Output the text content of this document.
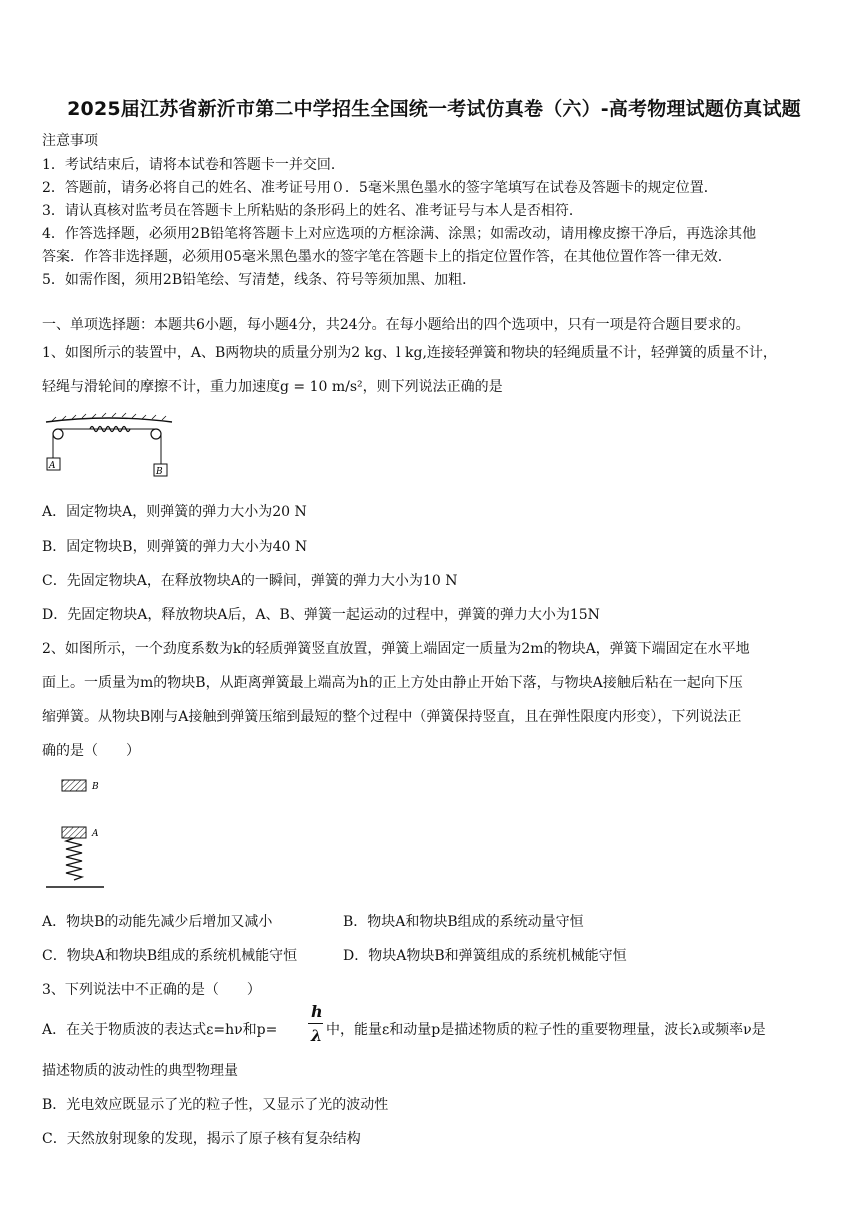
2025届江苏省新沂市第二中学招生全国统一考试仿真卷（六）-高考物理试题仿真试题
注意事项
1．考试结束后，请将本试卷和答题卡一并交回．
2．答题前，请务必将自己的姓名、准考证号用０．5毫米黑色墨水的签字笔填写在试卷及答题卡的规定位置．
3．请认真核对监考员在答题卡上所粘贴的条形码上的姓名、准考证号与本人是否相符．
4．作答选择题，必须用2B铅笔将答题卡上对应选项的方框涂满、涂黑；如需改动，请用橡皮擦干净后，再选涂其他
答案．作答非选择题，必须用05毫米黑色墨水的签字笔在答题卡上的指定位置作答，在其他位置作答一律无效．
5．如需作图，须用2B铅笔绘、写清楚，线条、符号等须加黑、加粗．
一、单项选择题：本题共6小题，每小题4分，共24分。在每小题给出的四个选项中，只有一项是符合题目要求的。
1、如图所示的装置中，A、B两物块的质量分别为2 kg、l kg,连接轻弹簧和物块的轻绳质量不计，轻弹簧的质量不计，
轻绳与滑轮间的摩擦不计，重力加速度g = 10 m/s²，则下列说法正确的是
A
B
A．固定物块A，则弹簧的弹力大小为20 N
B．固定物块B，则弹簧的弹力大小为40 N
C．先固定物块A，在释放物块A的一瞬间，弹簧的弹力大小为10 N
D．先固定物块A，释放物块A后，A、B、弹簧一起运动的过程中，弹簧的弹力大小为15N
2、如图所示，一个劲度系数为k的轻质弹簧竖直放置，弹簧上端固定一质量为2m的物块A，弹簧下端固定在水平地
面上。一质量为m的物块B，从距离弹簧最上端高为h的正上方处由静止开始下落，与物块A接触后粘在一起向下压
缩弹簧。从物块B刚与A接触到弹簧压缩到最短的整个过程中（弹簧保持竖直，且在弹性限度内形变），下列说法正
确的是（　　）
B
A
A．物块B的动能先减少后增加又减小	B．物块A和物块B组成的系统动量守恒
C．物块A和物块B组成的系统机械能守恒	D．物块A物块B和弹簧组成的系统机械能守恒
3、下列说法中不正确的是（　　）
A．在关于物质波的表达式ε=hν和p=
h
λ 中，能量ε和动量p是描述物质的粒子性的重要物理量，波长λ或频率ν是
描述物质的波动性的典型物理量
B．光电效应既显示了光的粒子性，又显示了光的波动性
C．天然放射现象的发现，揭示了原子核有复杂结构
